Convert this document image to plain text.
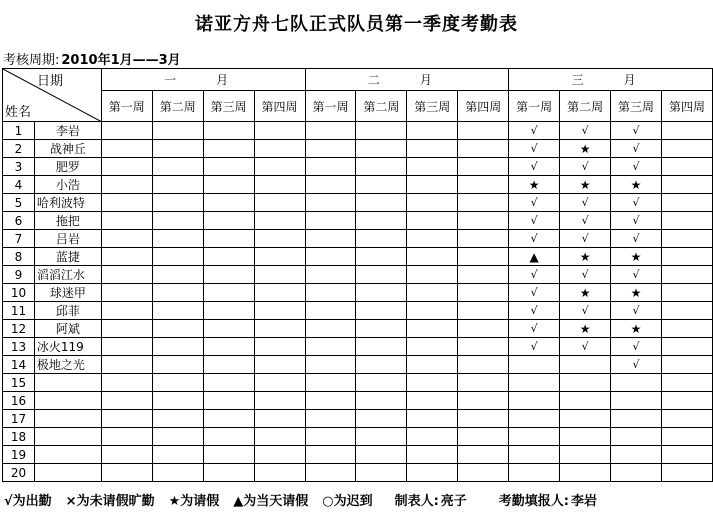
诺亚方舟七队正式队员第一季度考勤表
考核周期: 2010年1月——3月
日期
姓名		一　月				二　月				三　月			
		第一周	第二周	第三周	第四周	第一周	第二周	第三周	第四周	第一周	第二周	第三周	第四周
1	李岩									√	√	√	
2	战神丘									√	★	√	
3	肥罗									√	√	√	
4	小浩									★	★	★	
5	哈利波特									√	√	√	
6	拖把									√	√	√	
7	吕岩									√	√	√	
8	蓝捷									▲	★	★	
9	滔滔江水									√	√	√	
10	球迷甲									√	★	★	
11	邱菲									√	√	√	
12	阿斌									√	★	★	
13	冰火119									√	√	√	
14	极地之光											√	
15													
16													
17													
18													
19													
20													
√为出勤 ×为未请假旷勤 ★为请假 ▲为当天请假 ○为迟到 制表人: 亮子 考勤填报人: 李岩
